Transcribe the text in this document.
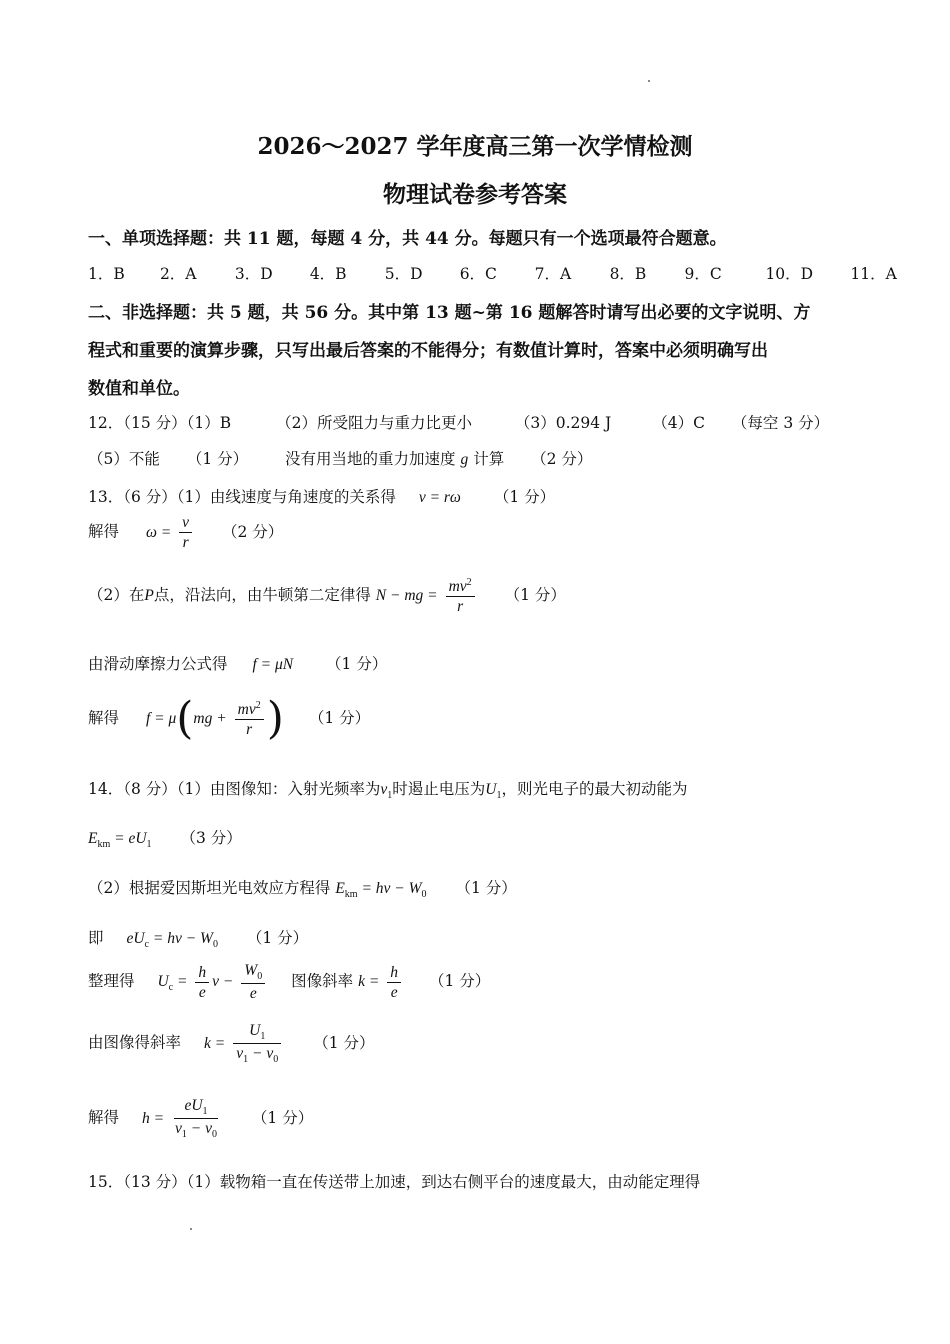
2026～2027 学年度高三第一次学情检测
物理试卷参考答案
一、单项选择题：共 11 题，每题 4 分，共 44 分。每题只有一个选项最符合题意。
1．B 2．A 3．D 4．B 5．D 6．C 7．A 8．B 9．C	10．D 11．A
二、非选择题：共 5 题，共 56 分。其中第 13 题~第 16 题解答时请写出必要的文字说明、方
程式和重要的演算步骤，只写出最后答案的不能得分；有数值计算时，答案中必须明确写出
数值和单位。
12．（15 分）（1）B	（2）所受阻力与重力比更小	（3）0.294 J	（4）C （每空 3 分）
（5）不能 （1 分） 没有用当地的重力加速度 g 计算 （2 分）
13．（6 分）（1）由线速度与角速度的关系得 v = rω （1 分）
解得 $\omega = \frac{v}{r} (2$ 分）
（2）在P点，沿法向，由牛顿第二定律得 N − mg = $\frac{mv^2}{r} (1$ 分）
由滑动摩擦力公式得 f = μN （1 分）
解得 $f = \mu(mg + \frac{mv^2}{r}$ ) （1 分）
14．（8 分）（1）由图像知：入射光频率为$v_1$时遏止电压为$U_1$，则光电子的最大初动能为
$E_{km} = eU_1$ （3 分）
（2）根据爱因斯坦光电效应方程得 $E_{km}$ = hv − $W_0$ （1 分）
即 $eU_c$ = hv − $W_0$ （1 分）
整理得 $U_c = \frac{h}{e}$ $v - \frac{W_0}{e}$ 图像斜率 $k = \frac{h}{e} (1$ 分）
由图像得斜率 $k = \frac{U_1}{v_1 - v_0} (1$ 分）
解得 $h = \frac{eU_1}{v_1 - v_0} (1$ 分）
15．（13 分）（1）载物箱一直在传送带上加速，到达右侧平台的速度最大，由动能定理得
